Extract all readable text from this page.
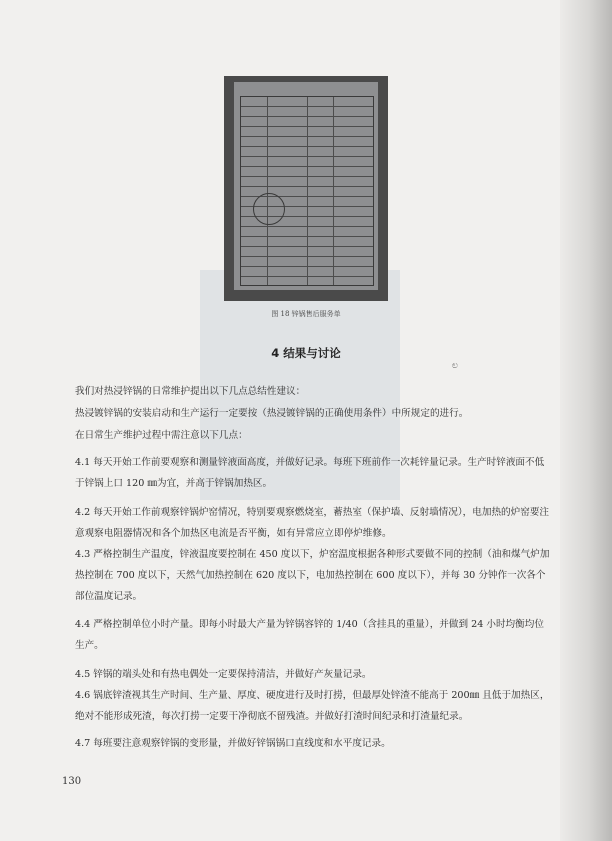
图 18 锌锅售后服务单
4 结果与讨论
ಲ

我们对热浸锌锅的日常维护提出以下几点总结性建议：

热浸镀锌锅的安装启动和生产运行一定要按（热浸镀锌锅的正确使用条件）中所规定的进行。

在日常生产维护过程中需注意以下几点：

4.1 每天开始工作前要观察和测量锌液面高度，并做好记录。每班下班前作一次耗锌量记录。生产时锌液面不低于锌锅上口 120 ㎜为宜，并高于锌锅加热区。

4.2 每天开始工作前观察锌锅炉窑情况，特别要观察燃烧室，蓄热室（保护墙、反射墙情况），电加热的炉窑要注意观察电阻器情况和各个加热区电流是否平衡，如有异常应立即停炉维修。

4.3 严格控制生产温度，锌液温度要控制在 450 度以下，炉窑温度根据各种形式要做不同的控制（油和煤气炉加热控制在 700 度以下，天然气加热控制在 620 度以下，电加热控制在 600 度以下），并每 30 分钟作一次各个部位温度记录。

4.4 严格控制单位小时产量。即每小时最大产量为锌锅容锌的 1/40（含挂具的重量），并做到 24 小时均衡均位生产。

4.5 锌锅的端头处和有热电偶处一定要保持清洁，并做好产灰量记录。

4.6 锅底锌渣视其生产时间、生产量、厚度、硬度进行及时打捞，但最厚处锌渣不能高于 200㎜ 且低于加热区，绝对不能形成死渣，每次打捞一定要干净彻底不留残渣。并做好打渣时间纪录和打渣量纪录。

4.7 每班要注意观察锌锅的变形量，并做好锌锅锅口直线度和水平度记录。

130
